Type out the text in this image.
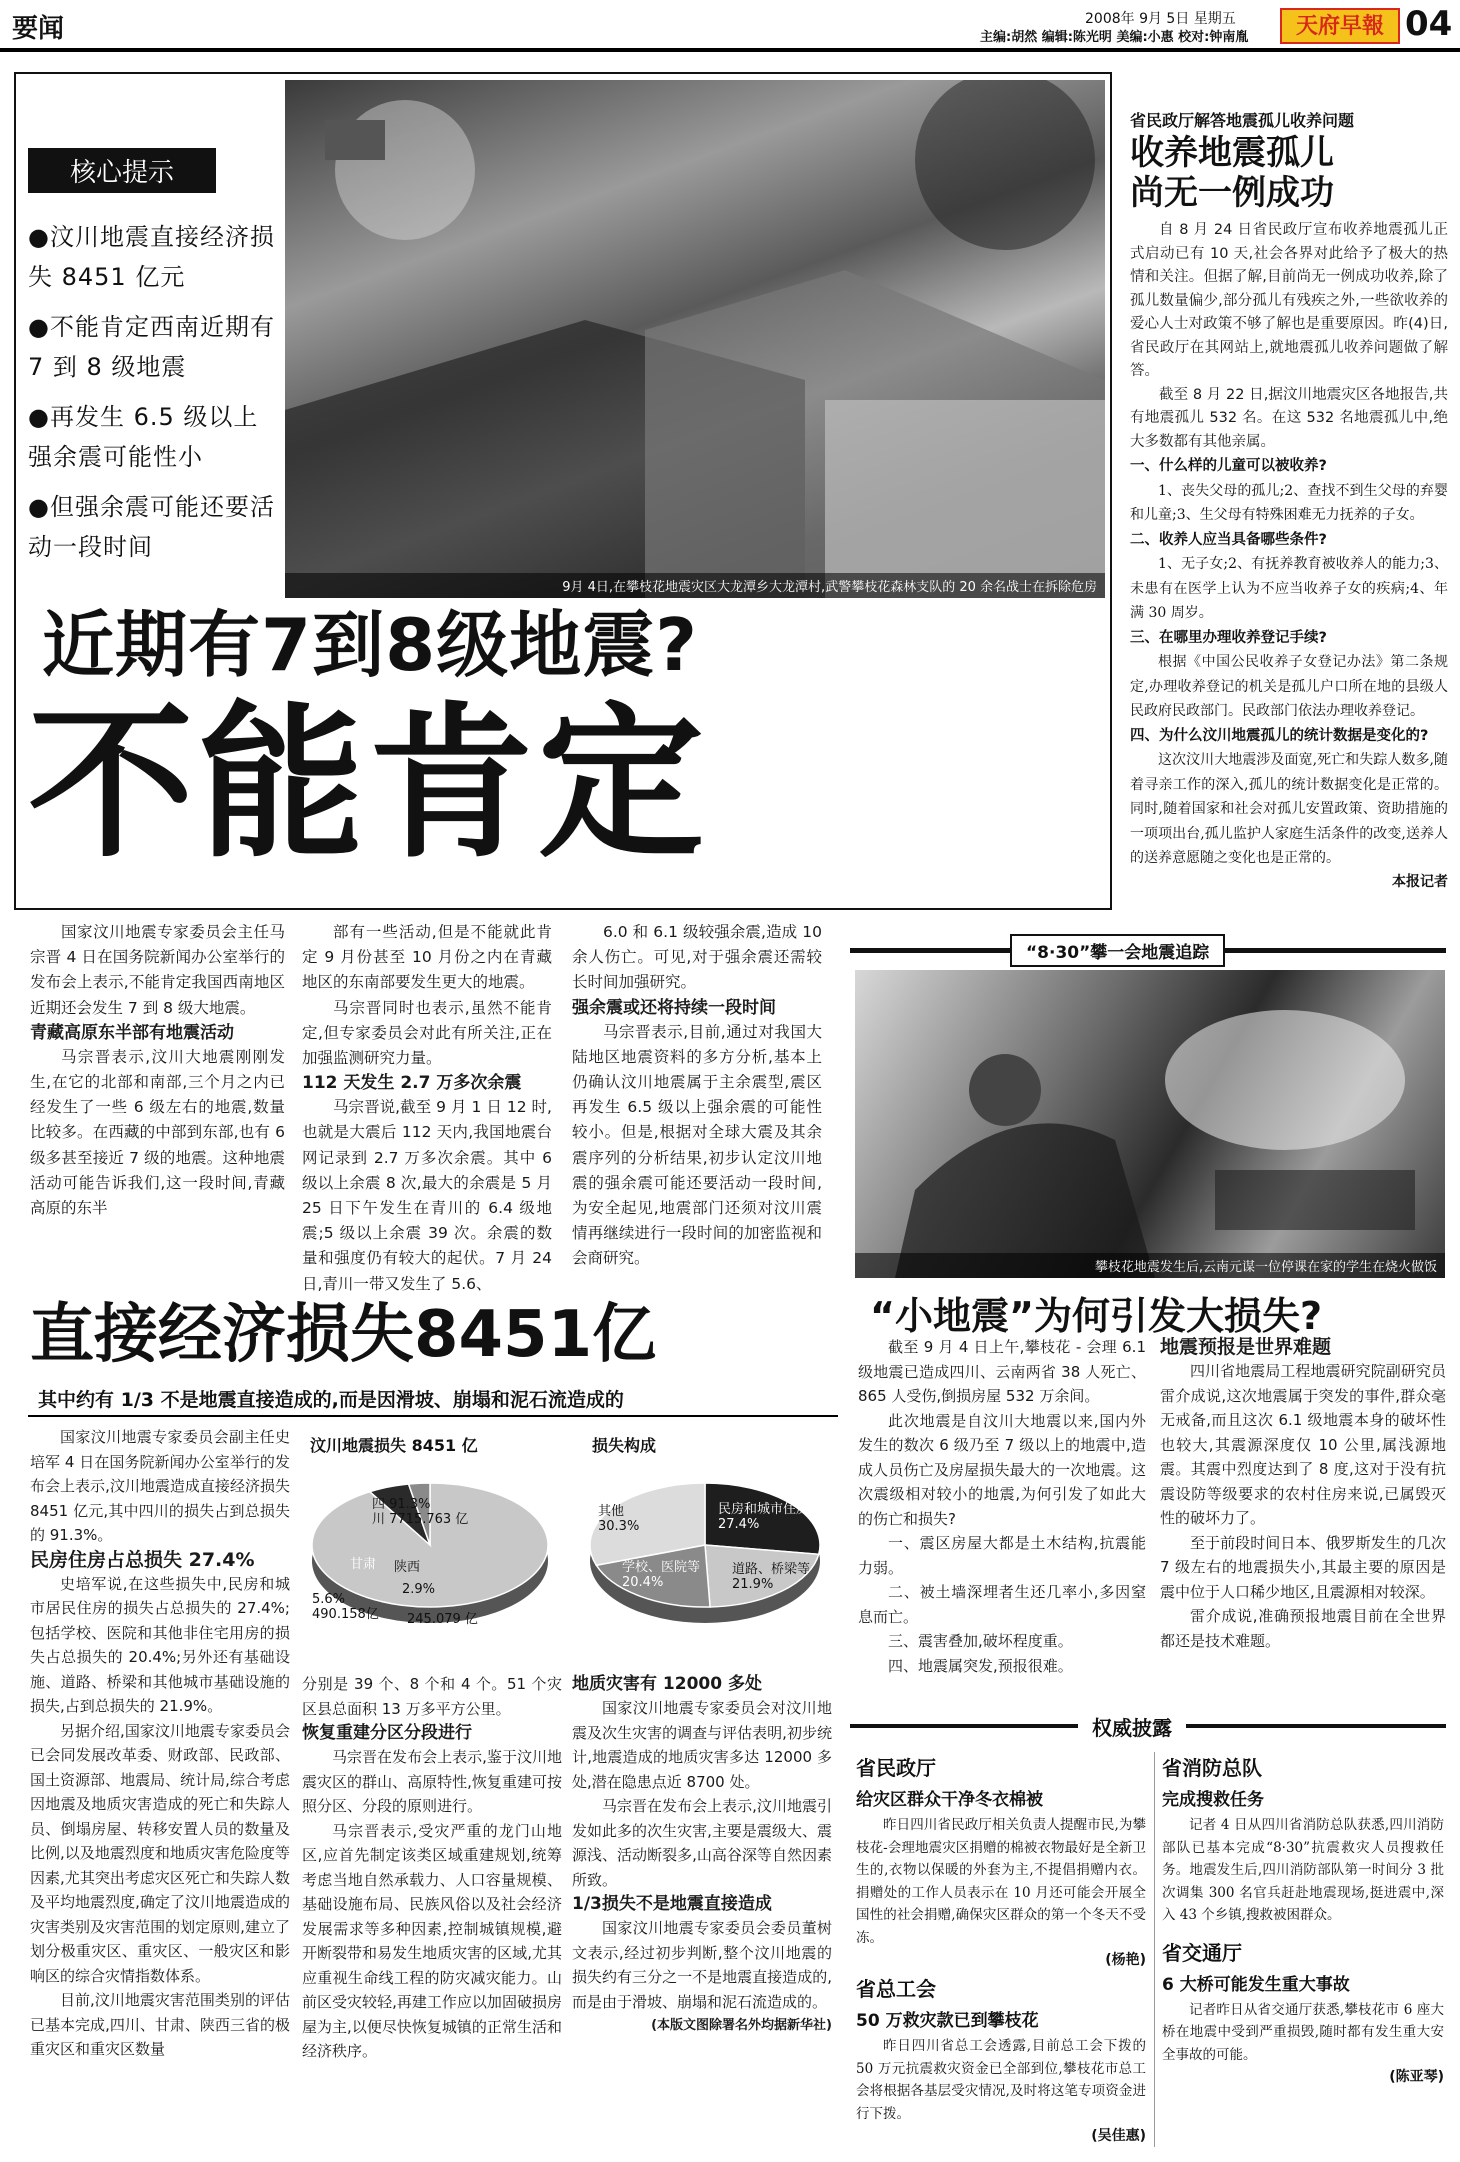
要闻	2008年 9月 5日 星期五
主编:胡然 编辑:陈光明 美编:小惠 校对:钟南胤	天府早報 04
9月 4日,在攀枝花地震灾区大龙潭乡大龙潭村,武警攀枝花森林支队的 20 余名战士在拆除危房
核心提示
●汶川地震直接经济损失 8451 亿元
●不能肯定西南近期有 7 到 8 级地震
●再发生 6.5 级以上强余震可能性小
●但强余震可能还要活动一段时间
近期有7到8级地震?
不能肯定

国家汶川地震专家委员会主任马宗晋 4 日在国务院新闻办公室举行的发布会上表示,不能肯定我国西南地区近期还会发生 7 到 8 级大地震。

青藏高原东半部有地震活动

马宗晋表示,汶川大地震刚刚发生,在它的北部和南部,三个月之内已经发生了一些 6 级左右的地震,数量比较多。在西藏的中部到东部,也有 6 级多甚至接近 7 级的地震。这种地震活动可能告诉我们,这一段时间,青藏高原的东半

部有一些活动,但是不能就此肯定 9 月份甚至 10 月份之内在青藏地区的东南部要发生更大的地震。

马宗晋同时也表示,虽然不能肯定,但专家委员会对此有所关注,正在加强监测研究力量。

112 天发生 2.7 万多次余震

马宗晋说,截至 9 月 1 日 12 时,也就是大震后 112 天内,我国地震台网记录到 2.7 万多次余震。其中 6 级以上余震 8 次,最大的余震是 5 月 25 日下午发生在青川的 6.4 级地震;5 级以上余震 39 次。余震的数量和强度仍有较大的起伏。7 月 24 日,青川一带又发生了 5.6、

6.0 和 6.1 级较强余震,造成 10 余人伤亡。可见,对于强余震还需较长时间加强研究。

强余震或还将持续一段时间

马宗晋表示,目前,通过对我国大陆地区地震资料的多方分析,基本上仍确认汶川地震属于主余震型,震区再发生 6.5 级以上强余震的可能性较小。但是,根据对全球大震及其余震序列的分析结果,初步认定汶川地震的强余震可能还要活动一段时间,为安全起见,地震部门还须对汶川震情再继续进行一段时间的加密监视和会商研究。

省民政厅解答地震孤儿收养问题
收养地震孤儿
尚无一例成功

自 8 月 24 日省民政厅宣布收养地震孤儿正式启动已有 10 天,社会各界对此给予了极大的热情和关注。但据了解,目前尚无一例成功收养,除了孤儿数量偏少,部分孤儿有残疾之外,一些欲收养的爱心人士对政策不够了解也是重要原因。昨(4)日,省民政厅在其网站上,就地震孤儿收养问题做了解答。

截至 8 月 22 日,据汶川地震灾区各地报告,共有地震孤儿 532 名。在这 532 名地震孤儿中,绝大多数都有其他亲属。

一、什么样的儿童可以被收养?

1、丧失父母的孤儿;2、查找不到生父母的弃婴和儿童;3、生父母有特殊困难无力抚养的子女。

二、收养人应当具备哪些条件?

1、无子女;2、有抚养教育被收养人的能力;3、未患有在医学上认为不应当收养子女的疾病;4、年满 30 周岁。

三、在哪里办理收养登记手续?

根据《中国公民收养子女登记办法》第二条规定,办理收养登记的机关是孤儿户口所在地的县级人民政府民政部门。民政部门依法办理收养登记。

四、为什么汶川地震孤儿的统计数据是变化的?

这次汶川大地震涉及面宽,死亡和失踪人数多,随着寻亲工作的深入,孤儿的统计数据变化是正常的。同时,随着国家和社会对孤儿安置政策、资助措施的一项项出台,孤儿监护人家庭生活条件的改变,送养人的送养意愿随之变化也是正常的。

本报记者
“8·30”攀一会地震追踪
攀枝花地震发生后,云南元谋一位停课在家的学生在烧火做饭
“小地震”为何引发大损失?

截至 9 月 4 日上午,攀枝花 - 会理 6.1 级地震已造成四川、云南两省 38 人死亡、865 人受伤,倒损房屋 532 万余间。

此次地震是自汶川大地震以来,国内外发生的数次 6 级乃至 7 级以上的地震中,造成人员伤亡及房屋损失最大的一次地震。这次震级相对较小的地震,为何引发了如此大的伤亡和损失?

一、震区房屋大都是土木结构,抗震能力弱。

二、被土墙深埋者生还几率小,多因窒息而亡。

三、震害叠加,破坏程度重。

四、地震属突发,预报很难。

地震预报是世界难题

四川省地震局工程地震研究院副研究员雷介成说,这次地震属于突发的事件,群众毫无戒备,而且这次 6.1 级地震本身的破坏性也较大,其震源深度仅 10 公里,属浅源地震。其震中烈度达到了 8 度,这对于没有抗震设防等级要求的农村住房来说,已属毁灭性的破坏力了。

至于前段时间日本、俄罗斯发生的几次 7 级左右的地震损失小,其最主要的原因是震中位于人口稀少地区,且震源相对较深。

雷介成说,准确预报地震目前在全世界都还是技术难题。

直接经济损失8451亿
其中约有 1/3 不是地震直接造成的,而是因滑坡、崩塌和泥石流造成的

国家汶川地震专家委员会副主任史培军 4 日在国务院新闻办公室举行的发布会上表示,汶川地震造成直接经济损失 8451 亿元,其中四川的损失占到总损失的 91.3%。

民房住房占总损失 27.4%

史培军说,在这些损失中,民房和城市居民住房的损失占总损失的 27.4%;包括学校、医院和其他非住宅用房的损失占总损失的 20.4%;另外还有基础设施、道路、桥梁和其他城市基础设施的损失,占到总损失的 21.9%。

另据介绍,国家汶川地震专家委员会已会同发展改革委、财政部、民政部、国土资源部、地震局、统计局,综合考虑因地震及地质灾害造成的死亡和失踪人员、倒塌房屋、转移安置人员的数量及比例,以及地震烈度和地质灾害危险度等因素,尤其突出考虑灾区死亡和失踪人数及平均地震烈度,确定了汶川地震造成的灾害类别及灾害范围的划定原则,建立了划分极重灾区、重灾区、一般灾区和影响区的综合灾情指数体系。

目前,汶川地震灾害范围类别的评估已基本完成,四川、甘肃、陕西三省的极重灾区和重灾区数量

汶川地震损失 8451 亿	损失构成
四 91.3%川 7715.763 亿
5.6% 490.158亿
2.9%
245.079 亿
甘肃 陕西
民房和城市住房 27.4%
道路、桥梁等 21.9%
学校、医院等 20.4%
其他 30.3%

分别是 39 个、8 个和 4 个。51 个灾区县总面积 13 万多平方公里。

恢复重建分区分段进行

马宗晋在发布会上表示,鉴于汶川地震灾区的群山、高原特性,恢复重建可按照分区、分段的原则进行。

马宗晋表示,受灾严重的龙门山地区,应首先制定该类区域重建规划,统筹考虑当地自然承载力、人口容量规模、基础设施布局、民族风俗以及社会经济发展需求等多种因素,控制城镇规模,避开断裂带和易发生地质灾害的区域,尤其应重视生命线工程的防灾减灾能力。山前区受灾较轻,再建工作应以加固破损房屋为主,以便尽快恢复城镇的正常生活和经济秩序。

地质灾害有 12000 多处

国家汶川地震专家委员会对汶川地震及次生灾害的调查与评估表明,初步统计,地震造成的地质灾害多达 12000 多处,潜在隐患点近 8700 处。

马宗晋在发布会上表示,汶川地震引发如此多的次生灾害,主要是震级大、震源浅、活动断裂多,山高谷深等自然因素所致。

1/3损失不是地震直接造成

国家汶川地震专家委员会委员董树文表示,经过初步判断,整个汶川地震的损失约有三分之一不是地震直接造成的,而是由于滑坡、崩塌和泥石流造成的。

(本版文图除署名外均据新华社)

权威披露
省民政厅
给灾区群众干净冬衣棉被

昨日四川省民政厅相关负责人提醒市民,为攀枝花-会理地震灾区捐赠的棉被衣物最好是全新卫生的,衣物以保暖的外套为主,不提倡捐赠内衣。捐赠处的工作人员表示在 10 月还可能会开展全国性的社会捐赠,确保灾区群众的第一个冬天不受冻。

(杨艳)
省总工会
50 万救灾款已到攀枝花

昨日四川省总工会透露,目前总工会下拨的 50 万元抗震救灾资金已全部到位,攀枝花市总工会将根据各基层受灾情况,及时将这笔专项资金进行下拨。

(吴佳惠)
省消防总队
完成搜救任务

记者 4 日从四川省消防总队获悉,四川消防部队已基本完成“8·30”抗震救灾人员搜救任务。地震发生后,四川消防部队第一时间分 3 批次调集 300 名官兵赶赴地震现场,挺进震中,深入 43 个乡镇,搜救被困群众。

省交通厅
6 大桥可能发生重大事故

记者昨日从省交通厅获悉,攀枝花市 6 座大桥在地震中受到严重损毁,随时都有发生重大安全事故的可能。

(陈亚琴)
